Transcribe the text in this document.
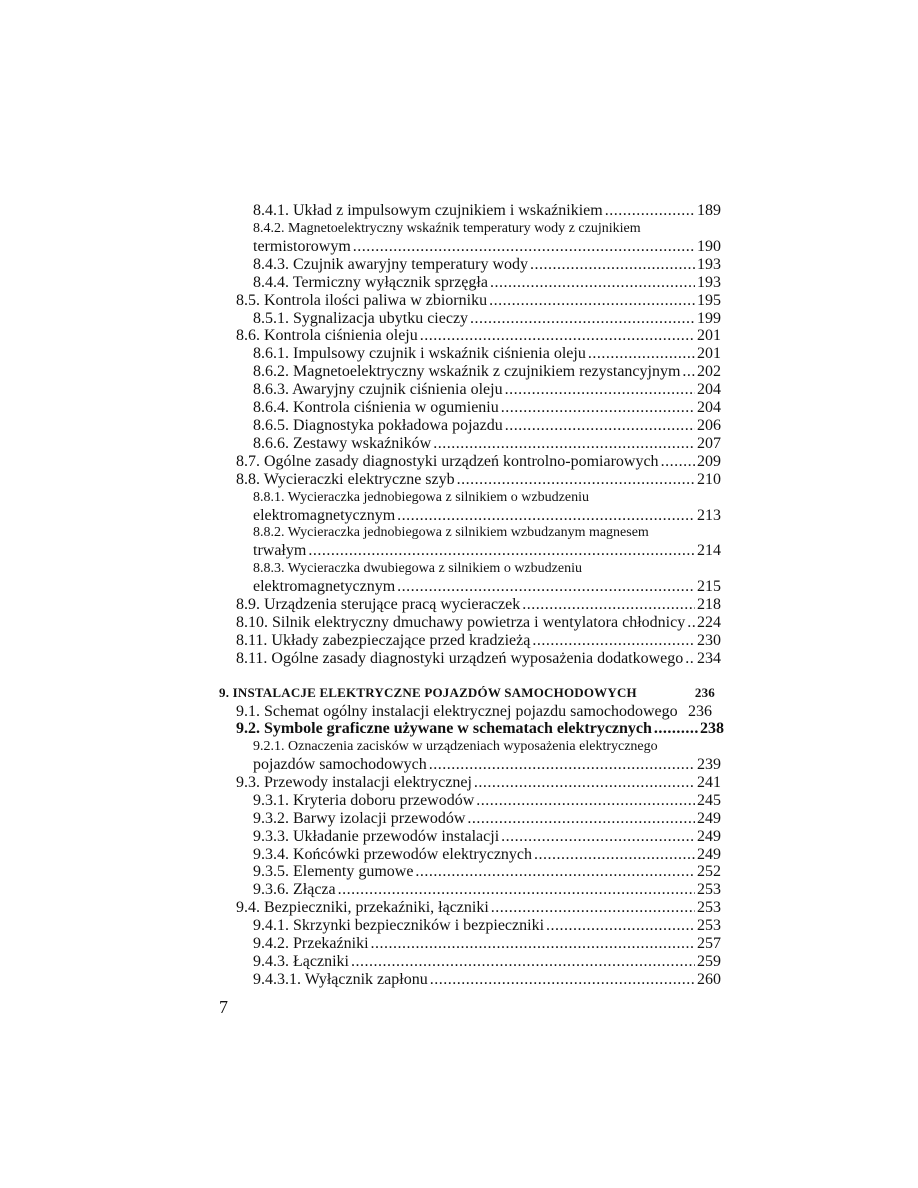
8.4.1. Układ z impulsowym czujnikiem i wskaźnikiem .....	189
8.4.2. Magnetoelektryczny wskaźnik temperatury wody z czujnikiem
termistorowym .....	190
8.4.3. Czujnik awaryjny temperatury wody .....	193
8.4.4. Termiczny wyłącznik sprzęgła .....	193
8.5. Kontrola ilości paliwa w zbiorniku .....	195
8.5.1. Sygnalizacja ubytku cieczy .....	199
8.6. Kontrola ciśnienia oleju .....	201
8.6.1. Impulsowy czujnik i wskaźnik ciśnienia oleju .....	201
8.6.2. Magnetoelektryczny wskaźnik z czujnikiem rezystancyjnym ..... 202
8.6.3. Awaryjny czujnik ciśnienia oleju .....	204
8.6.4. Kontrola ciśnienia w ogumieniu .....	204
8.6.5. Diagnostyka pokładowa pojazdu .....	206
8.6.6. Zestawy wskaźników .....	207
8.7. Ogólne zasady diagnostyki urządzeń kontrolno-pomiarowych ..... 209
8.8. Wycieraczki elektryczne szyb .....	210
8.8.1. Wycieraczka jednobiegowa z silnikiem o wzbudzeniu
elektromagnetycznym .....	213
8.8.2. Wycieraczka jednobiegowa z silnikiem wzbudzanym magnesem
trwałym .....	214
8.8.3. Wycieraczka dwubiegowa z silnikiem o wzbudzeniu
elektromagnetycznym .....	215
8.9. Urządzenia sterujące pracą wycieraczek .....	218
8.10. Silnik elektryczny dmuchawy powietrza i wentylatora chłodnicy ..... 224
8.11. Układy zabezpieczające przed kradzieżą .....	230
8.11. Ogólne zasady diagnostyki urządzeń wyposażenia dodatkowego ..... 234
9. INSTALACJE ELEKTRYCZNE POJAZDÓW SAMOCHODOWYCH	236
9.1. Schemat ogólny instalacji elektrycznej pojazdu samochodowego 236
9.2. Symbole graficzne używane w schematach elektrycznych .....	238
9.2.1. Oznaczenia zacisków w urządzeniach wyposażenia elektrycznego
pojazdów samochodowych .....	239
9.3. Przewody instalacji elektrycznej .....	241
9.3.1. Kryteria doboru przewodów .....	245
9.3.2. Barwy izolacji przewodów .....	249
9.3.3. Układanie przewodów instalacji .....	249
9.3.4. Końcówki przewodów elektrycznych .....	249
9.3.5. Elementy gumowe .....	252
9.3.6. Złącza .....	253
9.4. Bezpieczniki, przekaźniki, łączniki .....	253
9.4.1. Skrzynki bezpieczników i bezpieczniki .....	253
9.4.2. Przekaźniki .....	257
9.4.3. Łączniki .....	259
9.4.3.1. Wyłącznik zapłonu .....	260
7
